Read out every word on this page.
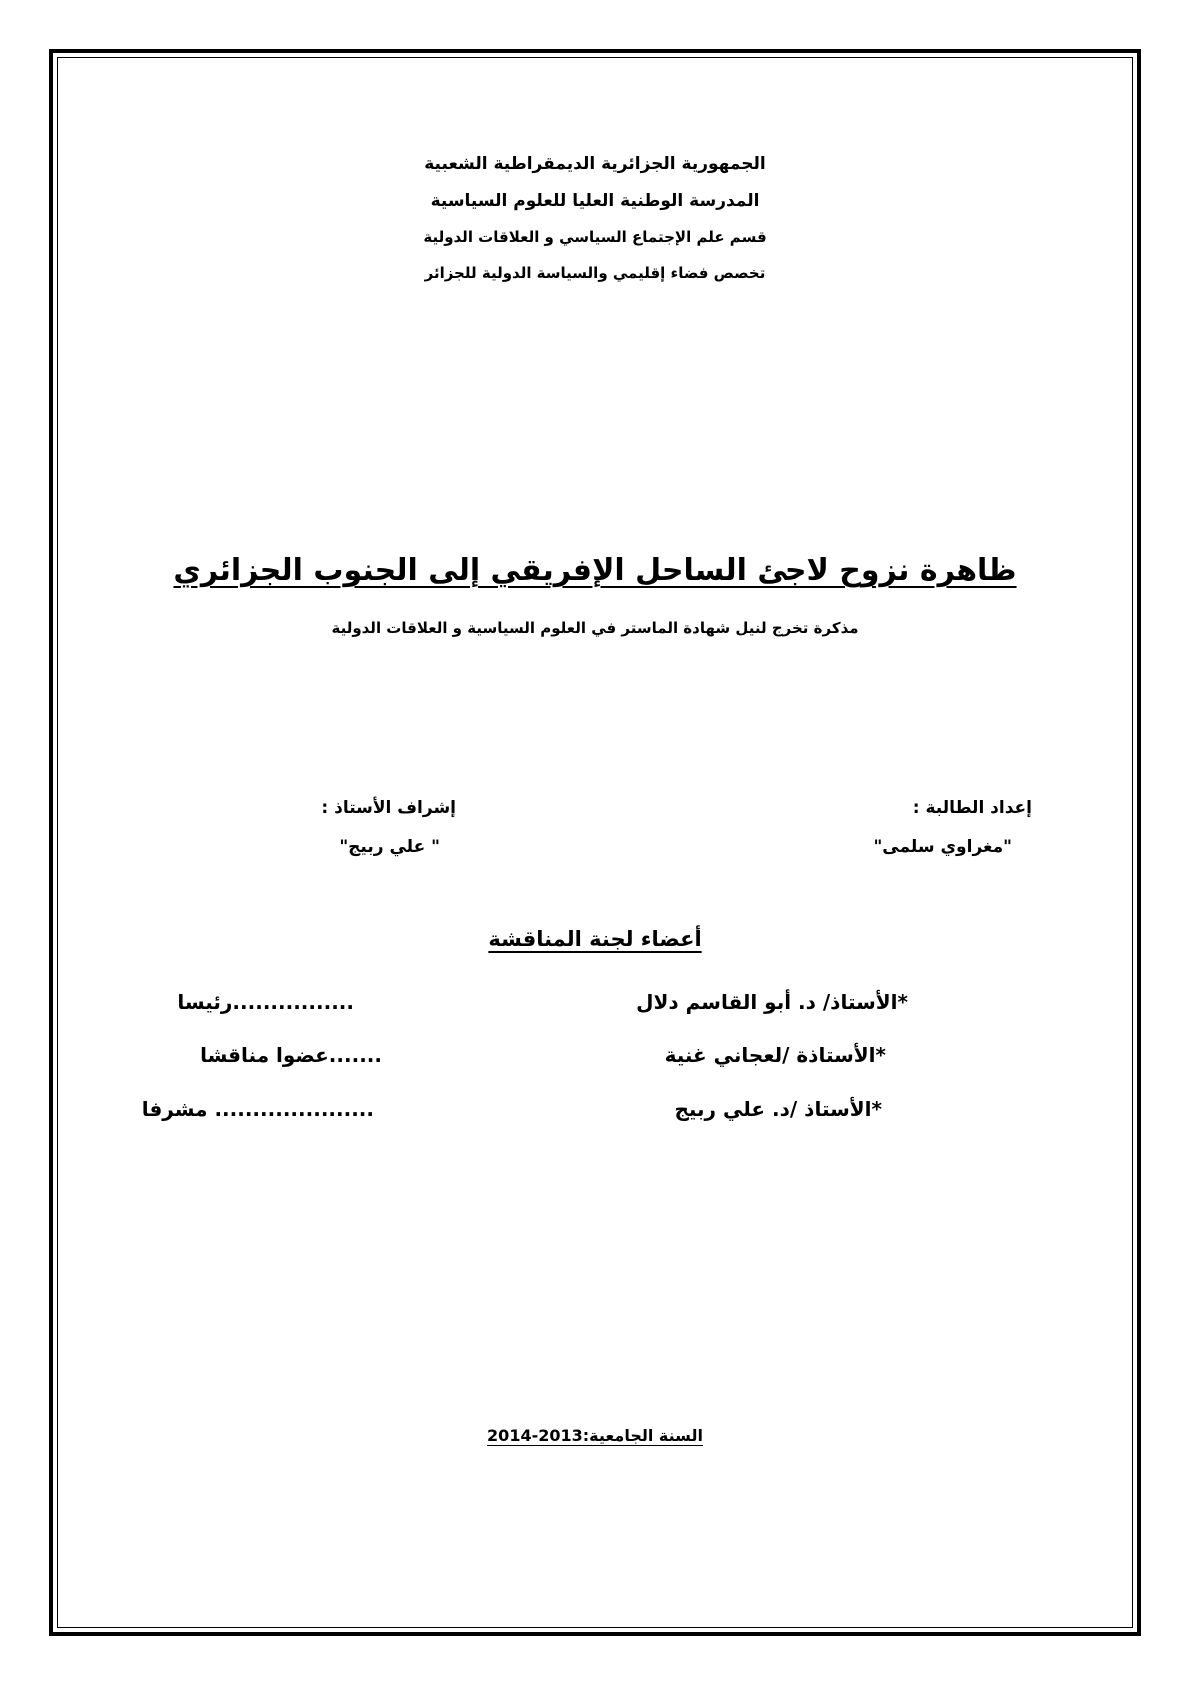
الجمهورية الجزائرية الديمقراطية الشعبية
المدرسة الوطنية العليا للعلوم السياسية
قسم علم الإجتماع السياسي و العلاقات الدولية
تخصص فضاء إقليمي والسياسة الدولية للجزائر
ظاهرة نزوح لاجئ الساحل الإفريقي إلى الجنوب الجزائري
مذكرة تخرج لنيل شهادة الماستر في العلوم السياسية و العلاقات الدولية
إعداد الطالبة :
"مغراوي سلمى"
إشراف الأستاذ :
" علي ربيج"
أعضاء لجنة المناقشة
*الأستاذ/ د. أبو القاسم دلال
................رئيسا
*الأستاذة /لعجاني غنية
.......عضوا مناقشا
*الأستاذ /د. علي ربيج
..................... مشرفا
السنة الجامعية:2014-2013
